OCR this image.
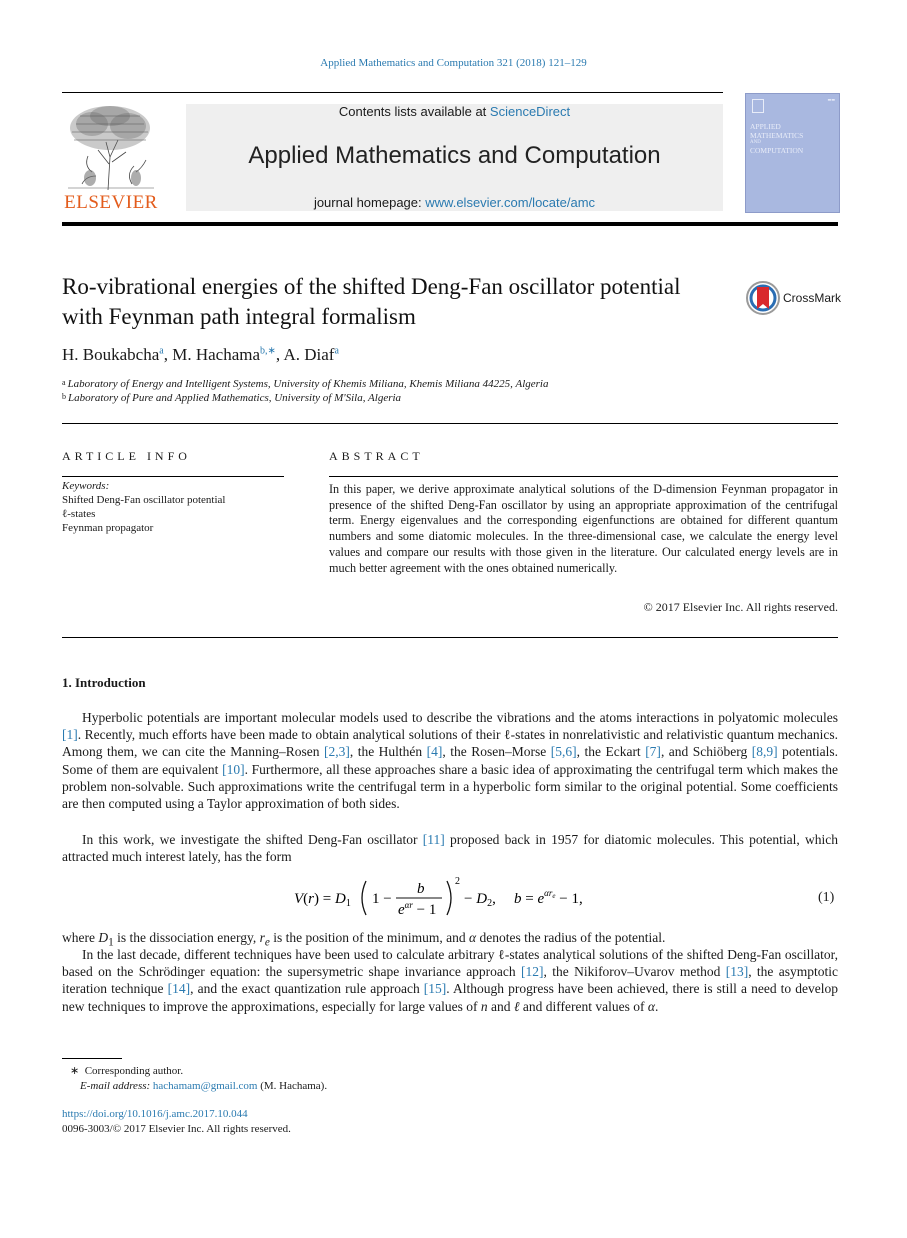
Applied Mathematics and Computation 321 (2018) 121–129
ELSEVIER
Contents lists available at ScienceDirect
Applied Mathematics and Computation
journal homepage: www.elsevier.com/locate/amc
▬▬
APPLIED
MATHEMATICS
AND
COMPUTATION
Ro-vibrational energies of the shifted Deng-Fan oscillator potential with Feynman path integral formalism
CrossMark
H. Boukabcha$^a$, M. Hachama$^{b,∗}$, A. Diaf$^a$
$^a$ Laboratory of Energy and Intelligent Systems, University of Khemis Miliana, Khemis Miliana 44225, Algeria
$^b$ Laboratory of Pure and Applied Mathematics, University of M'Sila, Algeria
ARTICLE INFO
Keywords:
Shifted Deng-Fan oscillator potential
ℓ-states
Feynman propagator
ABSTRACT
In this paper, we derive approximate analytical solutions of the D-dimension Feynman propagator in presence of the shifted Deng-Fan oscillator by using an appropriate approximation of the centrifugal term. Energy eigenvalues and the corresponding eigenfunctions are obtained for different quantum numbers and some diatomic molecules. In the three-dimensional case, we calculate the energy level values and compare our results with those given in the literature. Our calculated energy levels are in much better agreement with the ones obtained numerically.
© 2017 Elsevier Inc. All rights reserved.
1. Introduction
Hyperbolic potentials are important molecular models used to describe the vibrations and the atoms interactions in polyatomic molecules [1]. Recently, much efforts have been made to obtain analytical solutions of their ℓ-states in nonrelativistic and relativistic quantum mechanics. Among them, we can cite the Manning–Rosen [2,3], the Hulthén [4], the Rosen–Morse [5,6], the Eckart [7], and Schiöberg [8,9] potentials. Some of them are equivalent [10]. Furthermore, all these approaches share a basic idea of approximating the centrifugal term which makes the problem non-solvable. Such approximations write the centrifugal term in a hyperbolic form similar to the original potential. Some coefficients are then computed using a Taylor approximation of both sides.
In this work, we investigate the shifted Deng-Fan oscillator [11] proposed back in 1957 for diatomic molecules. This potential, which attracted much interest lately, has the form
$V(r) = D_1$ 1 −
b
$e^{\alpha r} - 1$
2
− $D_2$, $b = e^{\alpha r}e - 1$,	(1)
where $D_1$ is the dissociation energy, $r_e$ is the position of the minimum, and α denotes the radius of the potential.
In the last decade, different techniques have been used to calculate arbitrary ℓ-states analytical solutions of the shifted Deng-Fan oscillator, based on the Schrödinger equation: the supersymetric shape invariance approach [12], the Nikiforov–Uvarov method [13], the asymptotic iteration technique [14], and the exact quantization rule approach [15]. Although progress have been achieved, there is still a need to develop new techniques to improve the approximations, especially for large values of n and ℓ and different values of α.
∗  Corresponding author.
E-mail address: hachamam@gmail.com (M. Hachama).
https://doi.org/10.1016/j.amc.2017.10.044
0096-3003/© 2017 Elsevier Inc. All rights reserved.
